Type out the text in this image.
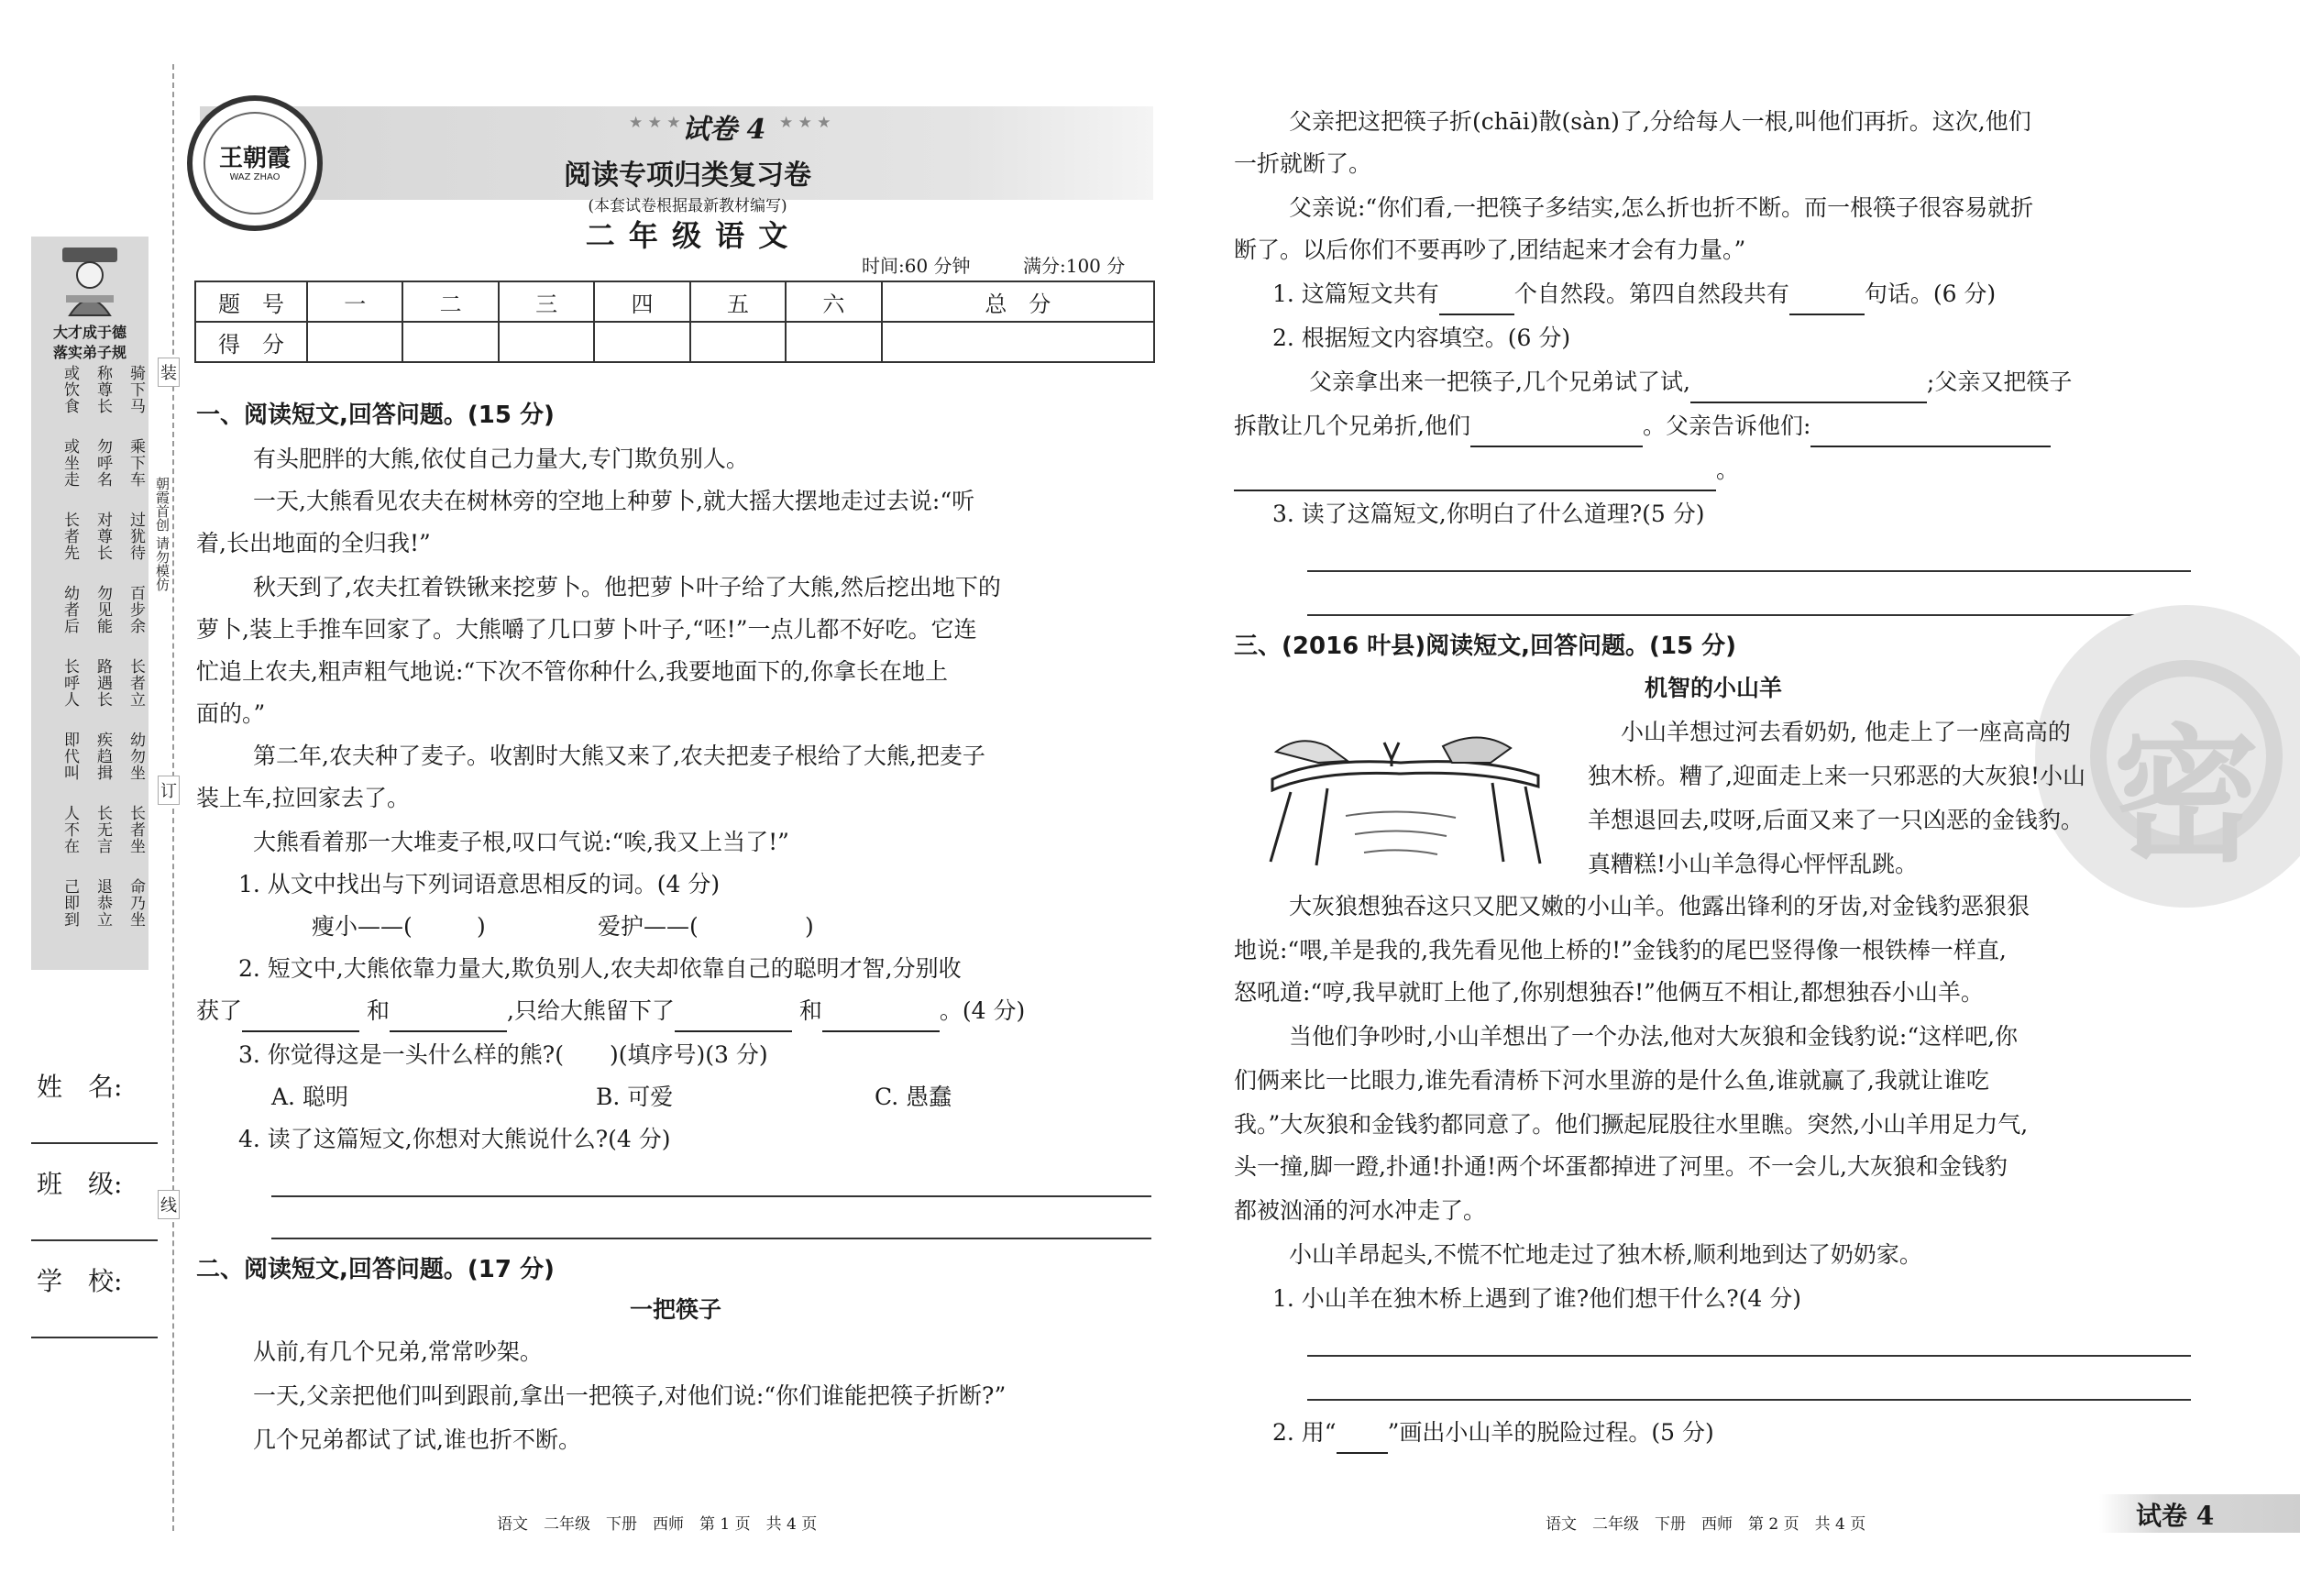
装
订
线
朝霞首创 请勿模仿
大才成于德
落实弟子规
骑下马
称尊长
或饮食
乘下车
勿呼名
或坐走
过犹待
对尊长
长者先
百步余
勿见能
幼者后
长者立
路遇长
长呼人
幼勿坐
疾趋揖
即代叫
长者坐
长无言
人不在
命乃坐
退恭立
己即到
姓　名:
班　级:
学　校:
王朝霞
WAZ ZHAO
★ ★ ★ 试卷 4 ★ ★ ★
阅读专项归类复习卷
(本套试卷根据最新教材编写)
二 年 级 语 文
时间:60 分钟	满分:100 分
题　号	一	二	三	四	五	六	总　分
得　分							
一、阅读短文,回答问题。(15 分)
有头肥胖的大熊,依仗自己力量大,专门欺负别人。
一天,大熊看见农夫在树林旁的空地上种萝卜,就大摇大摆地走过去说:“听
着,长出地面的全归我!”
秋天到了,农夫扛着铁锹来挖萝卜。他把萝卜叶子给了大熊,然后挖出地下的
萝卜,装上手推车回家了。大熊嚼了几口萝卜叶子,“呸!”一点儿都不好吃。它连
忙追上农夫,粗声粗气地说:“下次不管你种什么,我要地面下的,你拿长在地上
面的。”
第二年,农夫种了麦子。收割时大熊又来了,农夫把麦子根给了大熊,把麦子
装上车,拉回家去了。
大熊看着那一大堆麦子根,叹口气说:“唉,我又上当了!”
1. 从文中找出与下列词语意思相反的词。(4 分)
瘦小——(	)	爱护——(	)
2. 短文中,大熊依靠力量大,欺负别人,农夫却依靠自己的聪明才智,分别收
获了	和	,只给大熊留下了	和	。(4 分)
3. 你觉得这是一头什么样的熊?(　　)(填序号)(3 分)
A. 聪明	B. 可爱	C. 愚蠢
4. 读了这篇短文,你想对大熊说什么?(4 分)
二、阅读短文,回答问题。(17 分)
一把筷子
从前,有几个兄弟,常常吵架。
一天,父亲把他们叫到跟前,拿出一把筷子,对他们说:“你们谁能把筷子折断?”
几个兄弟都试了试,谁也折不断。
父亲把这把筷子折(chāi)散(sàn)了,分给每人一根,叫他们再折。这次,他们
一折就断了。
父亲说:“你们看,一把筷子多结实,怎么折也折不断。而一根筷子很容易就折
断了。以后你们不要再吵了,团结起来才会有力量。”
1. 这篇短文共有	个自然段。第四自然段共有	句话。(6 分)
2. 根据短文内容填空。(6 分)
父亲拿出来一把筷子,几个兄弟试了试,	;父亲又把筷子
拆散让几个兄弟折,他们	。父亲告诉他们:
。
3. 读了这篇短文,你明白了什么道理?(5 分)
密
三、(2016 叶县)阅读短文,回答问题。(15 分)
机智的小山羊
小山羊想过河去看奶奶, 他走上了一座高高的
独木桥。糟了,迎面走上来一只邪恶的大灰狼!小山
羊想退回去,哎呀,后面又来了一只凶恶的金钱豹。
真糟糕!小山羊急得心怦怦乱跳。
大灰狼想独吞这只又肥又嫩的小山羊。他露出锋利的牙齿,对金钱豹恶狠狠
地说:“喂,羊是我的,我先看见他上桥的!”金钱豹的尾巴竖得像一根铁棒一样直,
怒吼道:“哼,我早就盯上他了,你别想独吞!”他俩互不相让,都想独吞小山羊。
当他们争吵时,小山羊想出了一个办法,他对大灰狼和金钱豹说:“这样吧,你
们俩来比一比眼力,谁先看清桥下河水里游的是什么鱼,谁就赢了,我就让谁吃
我。”大灰狼和金钱豹都同意了。他们撅起屁股往水里瞧。突然,小山羊用足力气,
头一撞,脚一蹬,扑通!扑通!两个坏蛋都掉进了河里。不一会儿,大灰狼和金钱豹
都被汹涌的河水冲走了。
小山羊昂起头,不慌不忙地走过了独木桥,顺利地到达了奶奶家。
1. 小山羊在独木桥上遇到了谁?他们想干什么?(4 分)
2. 用“ ”画出小山羊的脱险过程。(5 分)
语文　二年级　下册　西师　第 1 页　共 4 页	语文　二年级　下册　西师　第 2 页　共 4 页	试卷 4
